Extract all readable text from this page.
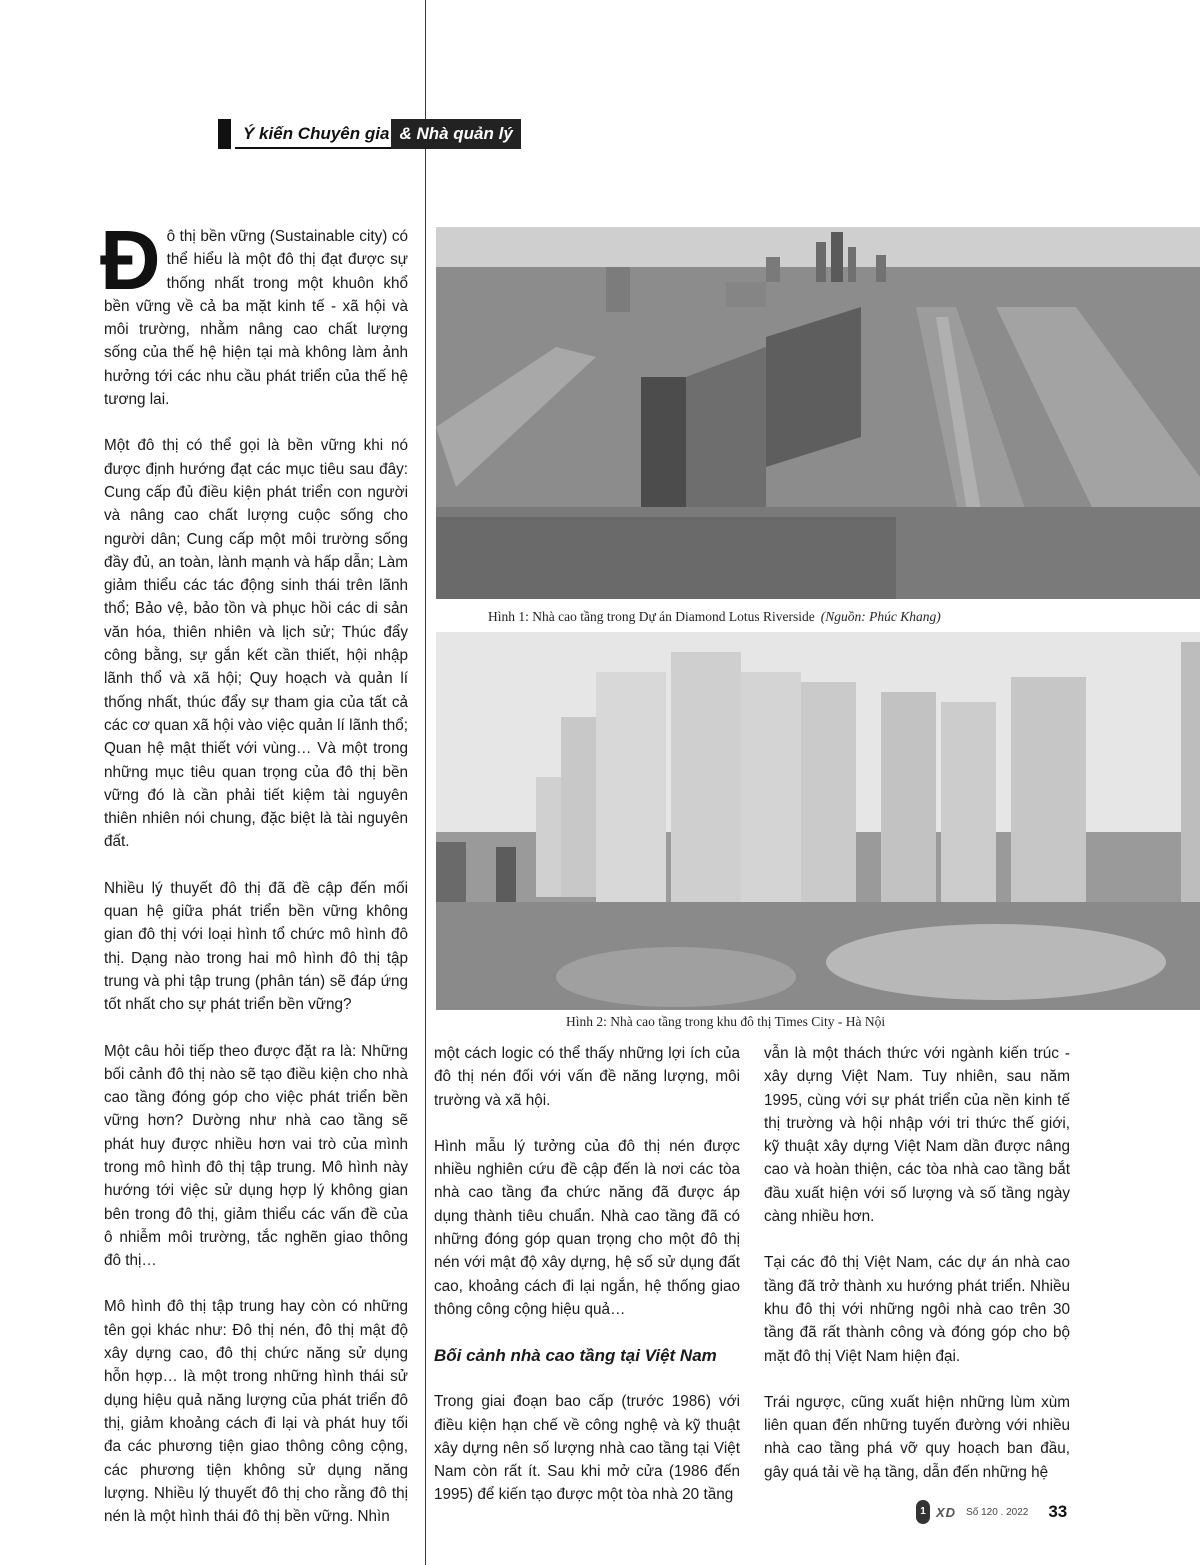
Ý kiến Chuyên gia & Nhà quản lý

Đô thị bền vững (Sustainable city) có thể hiểu là một đô thị đạt được sự thống nhất trong một khuôn khổ bền vững về cả ba mặt kinh tế - xã hội và môi trường, nhằm nâng cao chất lượng sống của thế hệ hiện tại mà không làm ảnh hưởng tới các nhu cầu phát triển của thế hệ tương lai.

Một đô thị có thể gọi là bền vững khi nó được định hướng đạt các mục tiêu sau đây: Cung cấp đủ điều kiện phát triển con người và nâng cao chất lượng cuộc sống cho người dân; Cung cấp một môi trường sống đầy đủ, an toàn, lành mạnh và hấp dẫn; Làm giảm thiểu các tác động sinh thái trên lãnh thổ; Bảo vệ, bảo tồn và phục hồi các di sản văn hóa, thiên nhiên và lịch sử; Thúc đẩy công bằng, sự gắn kết cần thiết, hội nhập lãnh thổ và xã hội; Quy hoạch và quản lí thống nhất, thúc đẩy sự tham gia của tất cả các cơ quan xã hội vào việc quản lí lãnh thổ; Quan hệ mật thiết với vùng… Và một trong những mục tiêu quan trọng của đô thị bền vững đó là cần phải tiết kiệm tài nguyên thiên nhiên nói chung, đặc biệt là tài nguyên đất.

Nhiều lý thuyết đô thị đã đề cập đến mối quan hệ giữa phát triển bền vững không gian đô thị với loại hình tổ chức mô hình đô thị. Dạng nào trong hai mô hình đô thị tập trung và phi tập trung (phân tán) sẽ đáp ứng tốt nhất cho sự phát triển bền vững?

Một câu hỏi tiếp theo được đặt ra là: Những bối cảnh đô thị nào sẽ tạo điều kiện cho nhà cao tầng đóng góp cho việc phát triển bền vững hơn? Dường như nhà cao tầng sẽ phát huy được nhiều hơn vai trò của mình trong mô hình đô thị tập trung. Mô hình này hướng tới việc sử dụng hợp lý không gian bên trong đô thị, giảm thiểu các vấn đề của ô nhiễm môi trường, tắc nghẽn giao thông đô thị…

Mô hình đô thị tập trung hay còn có những tên gọi khác như: Đô thị nén, đô thị mật độ xây dựng cao, đô thị chức năng sử dụng hỗn hợp… là một trong những hình thái sử dụng hiệu quả năng lượng của phát triển đô thị, giảm khoảng cách đi lại và phát huy tối đa các phương tiện giao thông công cộng, các phương tiện không sử dụng năng lượng. Nhiều lý thuyết đô thị cho rằng đô thị nén là một hình thái đô thị bền vững. Nhìn

Hình 1: Nhà cao tầng trong Dự án Diamond Lotus Riverside (Nguồn: Phúc Khang)
Hình 2: Nhà cao tầng trong khu đô thị Times City - Hà Nội

một cách logic có thể thấy những lợi ích của đô thị nén đối với vấn đề năng lượng, môi trường và xã hội.

Hình mẫu lý tưởng của đô thị nén được nhiều nghiên cứu đề cập đến là nơi các tòa nhà cao tầng đa chức năng đã được áp dụng thành tiêu chuẩn. Nhà cao tầng đã có những đóng góp quan trọng cho một đô thị nén với mật độ xây dựng, hệ số sử dụng đất cao, khoảng cách đi lại ngắn, hệ thống giao thông công cộng hiệu quả…

Bối cảnh nhà cao tầng tại Việt Nam

Trong giai đoạn bao cấp (trước 1986) với điều kiện hạn chế về công nghệ và kỹ thuật xây dựng nên số lượng nhà cao tầng tại Việt Nam còn rất ít. Sau khi mở cửa (1986 đến 1995) để kiến tạo được một tòa nhà 20 tầng

vẫn là một thách thức với ngành kiến trúc - xây dựng Việt Nam. Tuy nhiên, sau năm 1995, cùng với sự phát triển của nền kinh tế thị trường và hội nhập với tri thức thế giới, kỹ thuật xây dựng Việt Nam dần được nâng cao và hoàn thiện, các tòa nhà cao tầng bắt đầu xuất hiện với số lượng và số tầng ngày càng nhiều hơn.

Tại các đô thị Việt Nam, các dự án nhà cao tầng đã trở thành xu hướng phát triển. Nhiều khu đô thị với những ngôi nhà cao trên 30 tầng đã rất thành công và đóng góp cho bộ mặt đô thị Việt Nam hiện đại.

Trái ngược, cũng xuất hiện những lùm xùm liên quan đến những tuyến đường với nhiều nhà cao tầng phá vỡ quy hoạch ban đầu, gây quá tải về hạ tầng, dẫn đến những hệ

1 XD Số 120 . 2022 33
